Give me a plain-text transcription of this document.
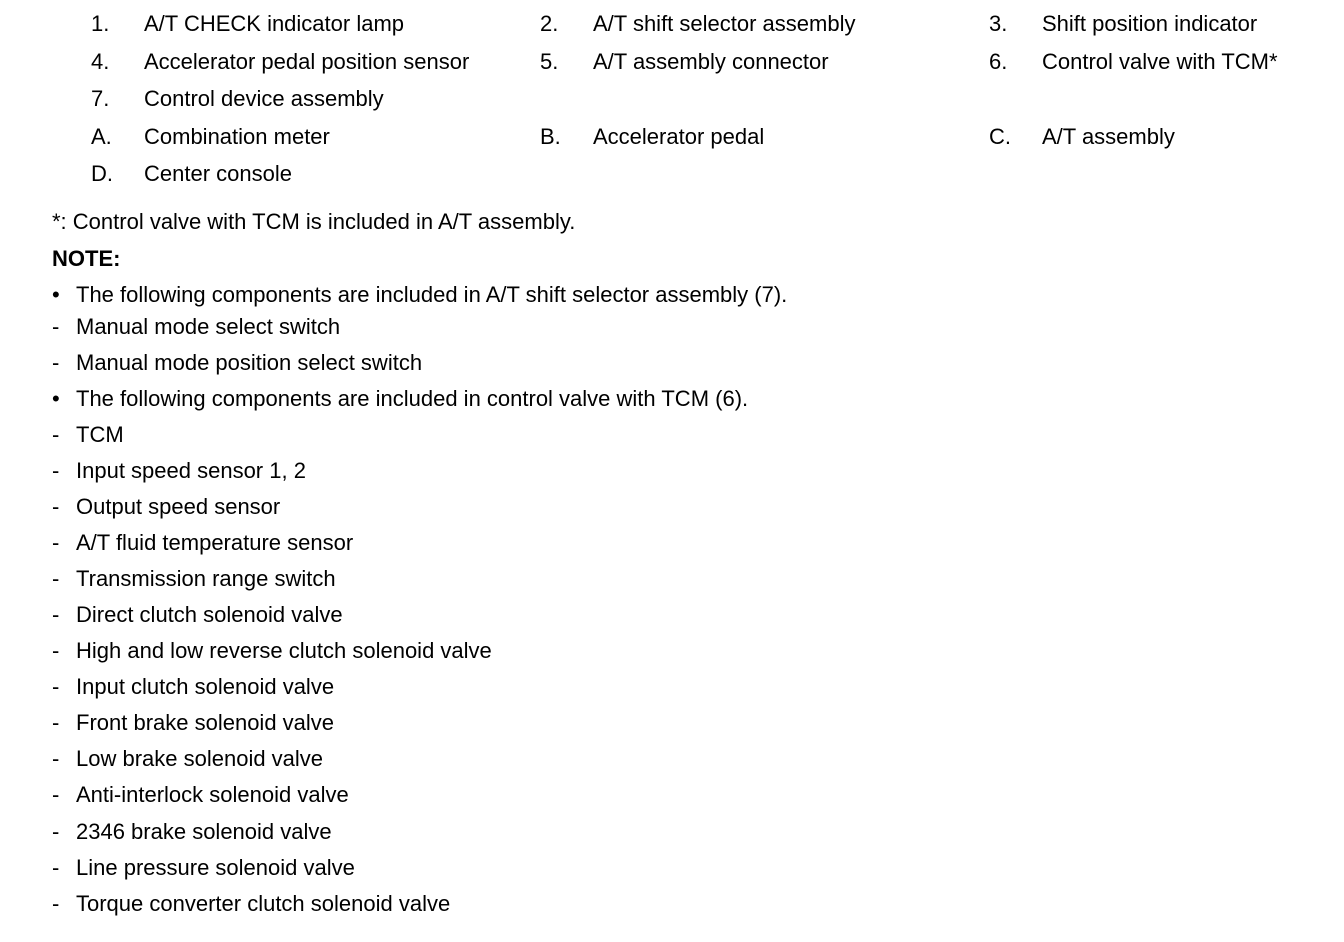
1. A/T CHECK indicator lamp	2. A/T shift selector assembly	3. Shift position indicator
4. Accelerator pedal position sensor	5. A/T assembly connector	6. Control valve with TCM*
7. Control device assembly
A. Combination meter	B. Accelerator pedal	C. A/T assembly
D. Center console
*: Control valve with TCM is included in A/T assembly.
NOTE:
• The following components are included in A/T shift selector assembly (7).
- Manual mode select switch
- Manual mode position select switch
• The following components are included in control valve with TCM (6).
- TCM
- Input speed sensor 1, 2
- Output speed sensor
- A/T fluid temperature sensor
- Transmission range switch
- Direct clutch solenoid valve
- High and low reverse clutch solenoid valve
- Input clutch solenoid valve
- Front brake solenoid valve
- Low brake solenoid valve
- Anti-interlock solenoid valve
- 2346 brake solenoid valve
- Line pressure solenoid valve
- Torque converter clutch solenoid valve
